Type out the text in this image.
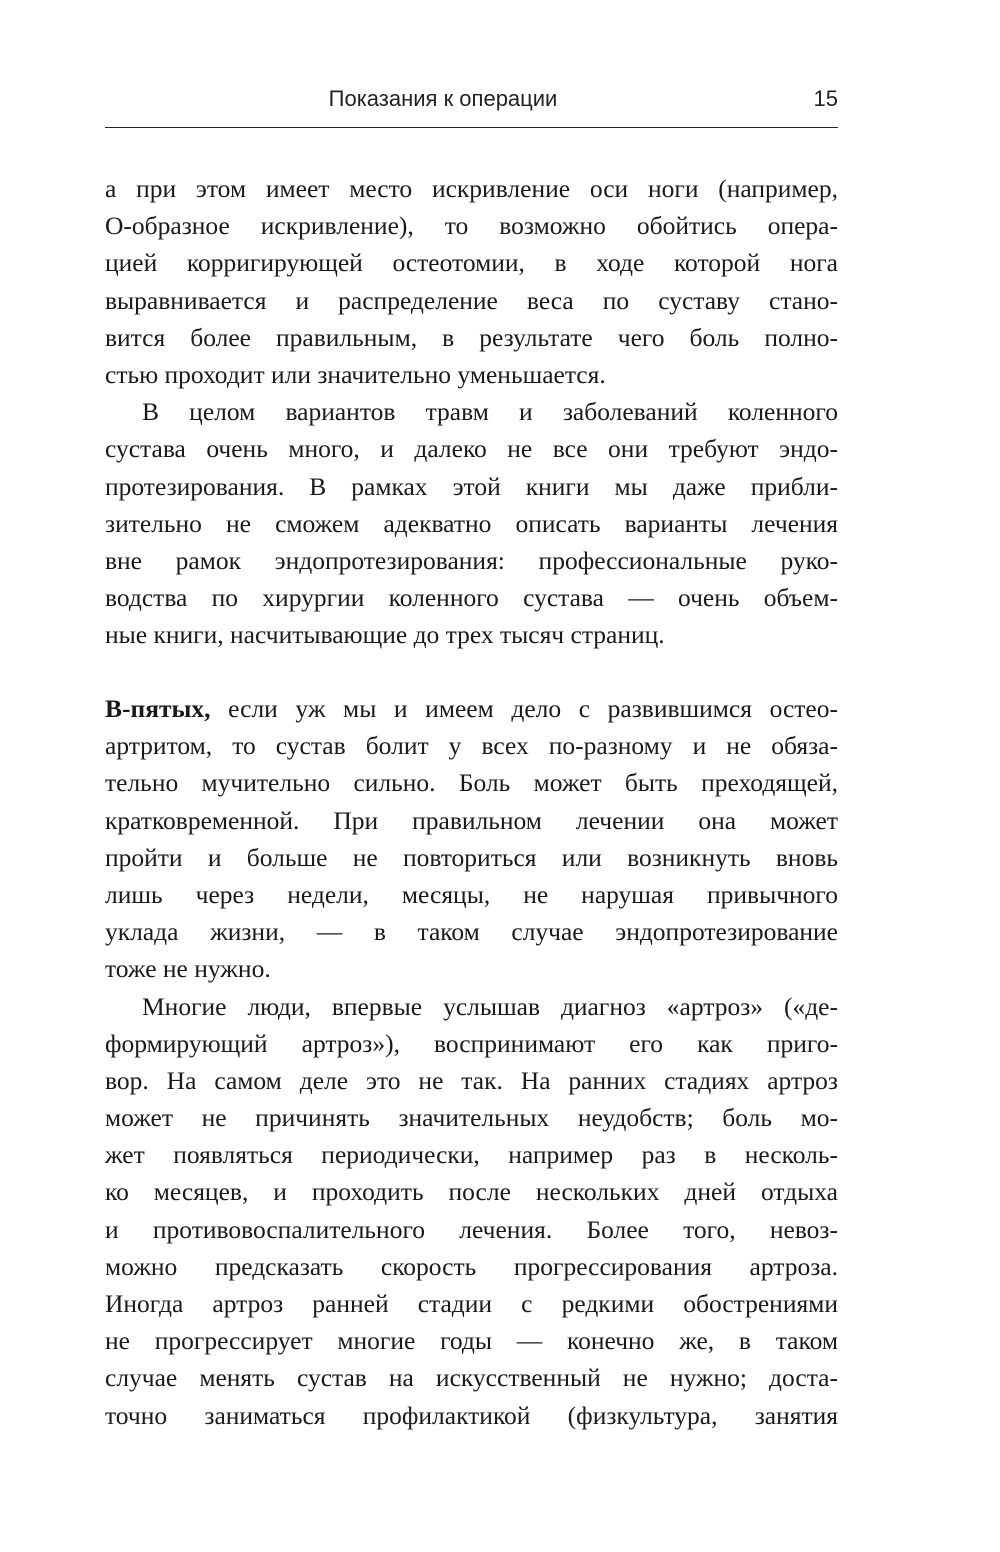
Показания к операции	15

а при этом имеет место искривление оси ноги (например,
О-образное искривление), то возможно обойтись опера-
цией корригирующей остеотомии, в ходе которой нога
выравнивается и распределение веса по суставу стано-
вится более правильным, в результате чего боль полно-
стью проходит или значительно уменьшается.

В целом вариантов травм и заболеваний коленного
сустава очень много, и далеко не все они требуют эндо-
протезирования. В рамках этой книги мы даже прибли-
зительно не сможем адекватно описать варианты лечения
вне рамок эндопротезирования: профессиональные руко-
водства по хирургии коленного сустава — очень объем-
ные книги, насчитывающие до трех тысяч страниц.

В-пятых, если уж мы и имеем дело с развившимся остео-
артритом, то сустав болит у всех по-разному и не обяза-
тельно мучительно сильно. Боль может быть преходящей,
кратковременной. При правильном лечении она может
пройти и больше не повториться или возникнуть вновь
лишь через недели, месяцы, не нарушая привычного
уклада жизни, — в таком случае эндопротезирование
тоже не нужно.

Многие люди, впервые услышав диагноз «артроз» («де-
формирующий артроз»), воспринимают его как приго-
вор. На самом деле это не так. На ранних стадиях артроз
может не причинять значительных неудобств; боль мо-
жет появляться периодически, например раз в несколь-
ко месяцев, и проходить после нескольких дней отдыха
и противовоспалительного лечения. Более того, невоз-
можно предсказать скорость прогрессирования артроза.
Иногда артроз ранней стадии с редкими обострениями
не прогрессирует многие годы — конечно же, в таком
случае менять сустав на искусственный не нужно; доста-
точно заниматься профилактикой (физкультура, занятия
